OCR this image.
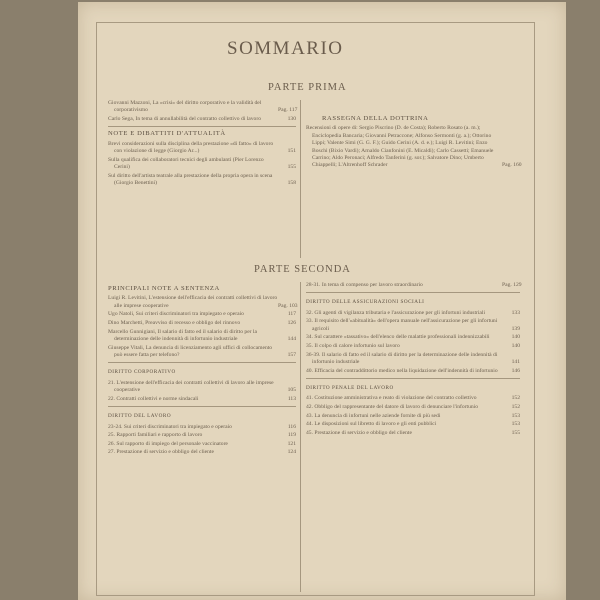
SOMMARIO
PARTE PRIMA
Giovanni Mazzoni, La «crisi» del diritto corporativo e la validità del corporativismo	Pag. 117
Carlo Sega, In tema di annullabilità del contratto collettivo di lavoro	130
NOTE E DIBATTITI D'ATTUALITÀ
Brevi considerazioni sulla disciplina della prestazione «di fatto» di lavoro con violazione di legge (Giorgio Ar...)	151
Sulla qualifica dei collaboratori tecnici degli ambulanti (Pier Lorenzo Cerini)	155
Sul diritto dell'artista teatrale alla prestazione della propria opera in scena (Giorgio Benettini)	158
RASSEGNA DELLA DOTTRINA
Recensioni di opere di: Sergio Piscrino (D. de Costa); Roberto Rosato (a. m.); Enciclopedia Bancaria; Giovanni Petraccone; Alfonso Sermonti (g. a.); Ottorino Lippi; Valente Simi (G. G. F.); Guido Cerini (A. d. e.); Luigi R. Levitini; Enzo Boschi (Bixio Vardi); Arnaldo Cianfonini (E. Micaldi); Carlo Cassetti; Emanuele Carrino; Aldo Peronaci; Alfredo Tanferini (g. sor.); Salvatore Dino; Umberto Chiappelli; L'Altrenhoff Schrader	Pag. 160
PARTE SECONDA
PRINCIPALI NOTE A SENTENZA
Luigi R. Levitini, L'estensione dell'efficacia dei contratti collettivi di lavoro alle imprese cooperative	Pag. 103
Ugo Natoli, Sui criteri discriminatori tra impiegato e operaio	117
Dino Marchetti, Preavviso di recesso e obbligo del rinnovo	126
Marcello Gunnigiani, Il salario di fatto ed il salario di diritto per la determinazione delle indennità di infortunio industriale	144
Giuseppe Vitali, La denuncia di licenziamento agli uffici di collocamento può essere fatta per telefono?	157
DIRITTO CORPORATIVO
21. L'estensione dell'efficacia dei contratti collettivi di lavoro alle imprese cooperative	105
22. Contratti collettivi e norme sindacali	113
DIRITTO DEL LAVORO
23-24. Sui criteri discriminatori tra impiegato e operaio	116
25. Rapporti familiari e rapporto di lavoro	119
26. Sul rapporto di impiego del personale vaccinatore	121
27. Prestazione di servizio e obbligo del cliente	124
28-31. In tema di compenso per lavoro straordinario	Pag. 129
DIRITTO DELLE ASSICURAZIONI SOCIALI
32. Gli agenti di vigilanza tributaria e l'assicurazione per gli infortuni industriali	133
33. Il requisito dell'«abitualità» dell'opera manuale nell'assicurazione per gli infortuni agricoli	139
34. Sul carattere «tassativo» dell'elenco delle malattie professionali indennizzabili	140
35. Il colpo di calore infortunio sul lavoro	140
36-39. Il salario di fatto ed il salario di diritto per la determinazione delle indennità di infortunio industriale	141
40. Efficacia del contraddittorio medico nella liquidazione dell'indennità di infortunio	146
DIRITTO PENALE DEL LAVORO
41. Costituzione amministrativa e reato di violazione del contratto collettivo	152
42. Obbligo del rappresentante del datore di lavoro di denunciare l'infortunio	152
43. La denuncia di infortuni nelle aziende fornite di più sedi	153
44. Le disposizioni sul libretto di lavoro e gli enti pubblici	153
45. Prestazione di servizio e obbligo del cliente	155
